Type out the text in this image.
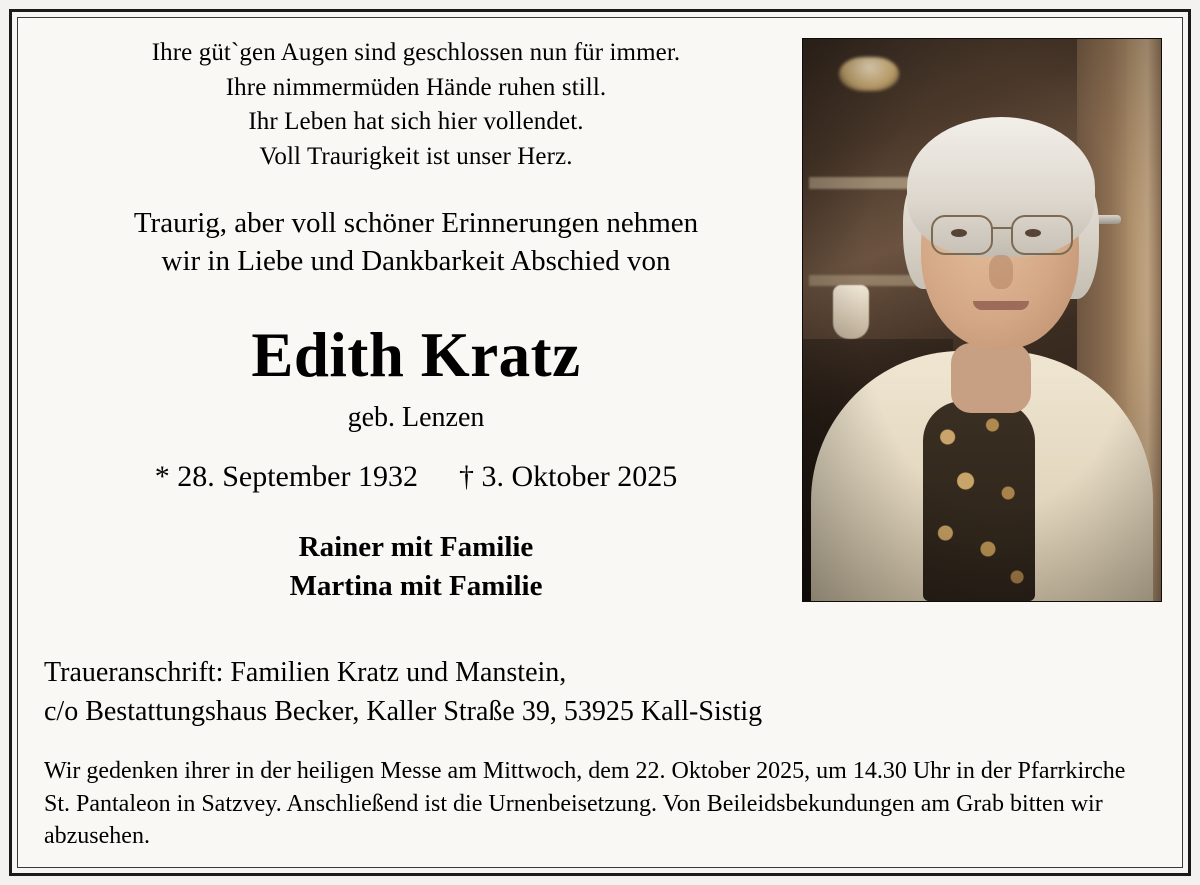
Ihre güt`gen Augen sind geschlossen nun für immer.
Ihre nimmermüden Hände ruhen still.
Ihr Leben hat sich hier vollendet.
Voll Traurigkeit ist unser Herz.
Traurig, aber voll schöner Erinnerungen nehmen
wir in Liebe und Dankbarkeit Abschied von
Edith Kratz
geb. Lenzen
* 28. September 1932 † 3. Oktober 2025
Rainer mit Familie
Martina mit Familie
Traueranschrift: Familien Kratz und Manstein,
c/o Bestattungshaus Becker, Kaller Straße 39, 53925 Kall-Sistig
Wir gedenken ihrer in der heiligen Messe am Mittwoch, dem 22. Oktober 2025, um 14.30 Uhr in der Pfarrkirche St. Pantaleon in Satzvey. Anschließend ist die Urnenbeisetzung. Von Beileidsbekundungen am Grab bitten wir abzusehen.
